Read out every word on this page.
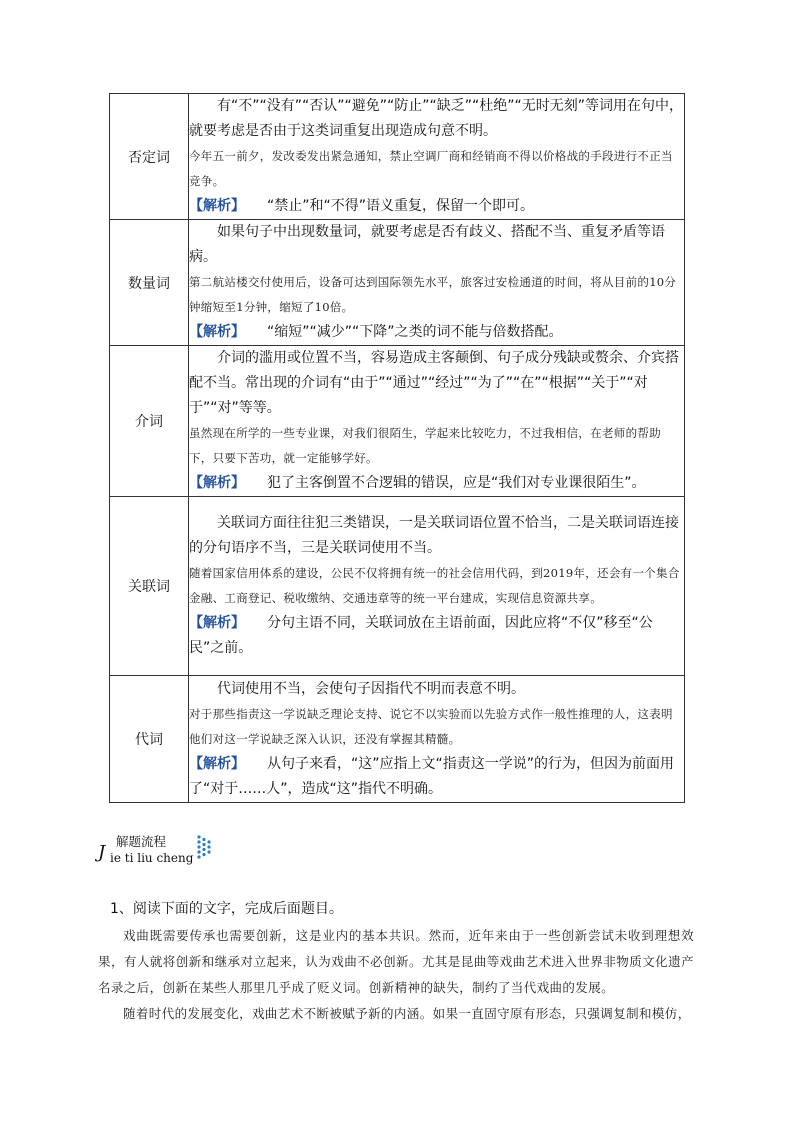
否定词	有“不”“没有”“否认”“避免”“防止”“缺乏”“杜绝”“无时无刻”等词用在句中，就要考虑是否由于这类词重复出现造成句意不明。

今年五一前夕，发改委发出紧急通知，禁止空调厂商和经销商不得以价格战的手段进行不正当竞争。

【解析】 “禁止”和“不得”语义重复，保留一个即可。

数量词	如果句子中出现数量词，就要考虑是否有歧义、搭配不当、重复矛盾等语病。

第二航站楼交付使用后，设备可达到国际领先水平，旅客过安检通道的时间，将从目前的10分钟缩短至1分钟，缩短了10倍。

【解析】 “缩短”“减少”“下降”之类的词不能与倍数搭配。

介词	介词的滥用或位置不当，容易造成主客颠倒、句子成分残缺或赘余、介宾搭配不当。常出现的介词有“由于”“通过”“经过”“为了”“在”“根据”“关于”“对于”“对”等等。

虽然现在所学的一些专业课，对我们很陌生，学起来比较吃力，不过我相信，在老师的帮助下，只要下苦功，就一定能够学好。

【解析】 犯了主客倒置不合逻辑的错误，应是“我们对专业课很陌生”。

关联词	关联词方面往往犯三类错误，一是关联词语位置不恰当，二是关联词语连接的分句语序不当，三是关联词使用不当。

随着国家信用体系的建设，公民不仅将拥有统一的社会信用代码，到2019年，还会有一个集合金融、工商登记、税收缴纳、交通违章等的统一平台建成，实现信息资源共享。

【解析】 分句主语不同，关联词放在主语前面，因此应将“不仅”移至“公民”之前。

代词	代词使用不当，会使句子因指代不明而表意不明。

对于那些指责这一学说缺乏理论支持、说它不以实验而以先验方式作一般性推理的人，这表明他们对这一学说缺乏深入认识，还没有掌握其精髓。

【解析】 从句子来看，“这”应指上文“指责这一学说”的行为，但因为前面用了“对于……人”，造成“这”指代不明确。

解题流程
J ie ti liu cheng

1、阅读下面的文字，完成后面题目。

戏曲既需要传承也需要创新，这是业内的基本共识。然而，近年来由于一些创新尝试未收到理想效果，有人就将创新和继承对立起来，认为戏曲不必创新。尤其是昆曲等戏曲艺术进入世界非物质文化遗产名录之后，创新在某些人那里几乎成了贬义词。创新精神的缺失，制约了当代戏曲的发展。

随着时代的发展变化，戏曲艺术不断被赋予新的内涵。如果一直固守原有形态，只强调复制和模仿，
